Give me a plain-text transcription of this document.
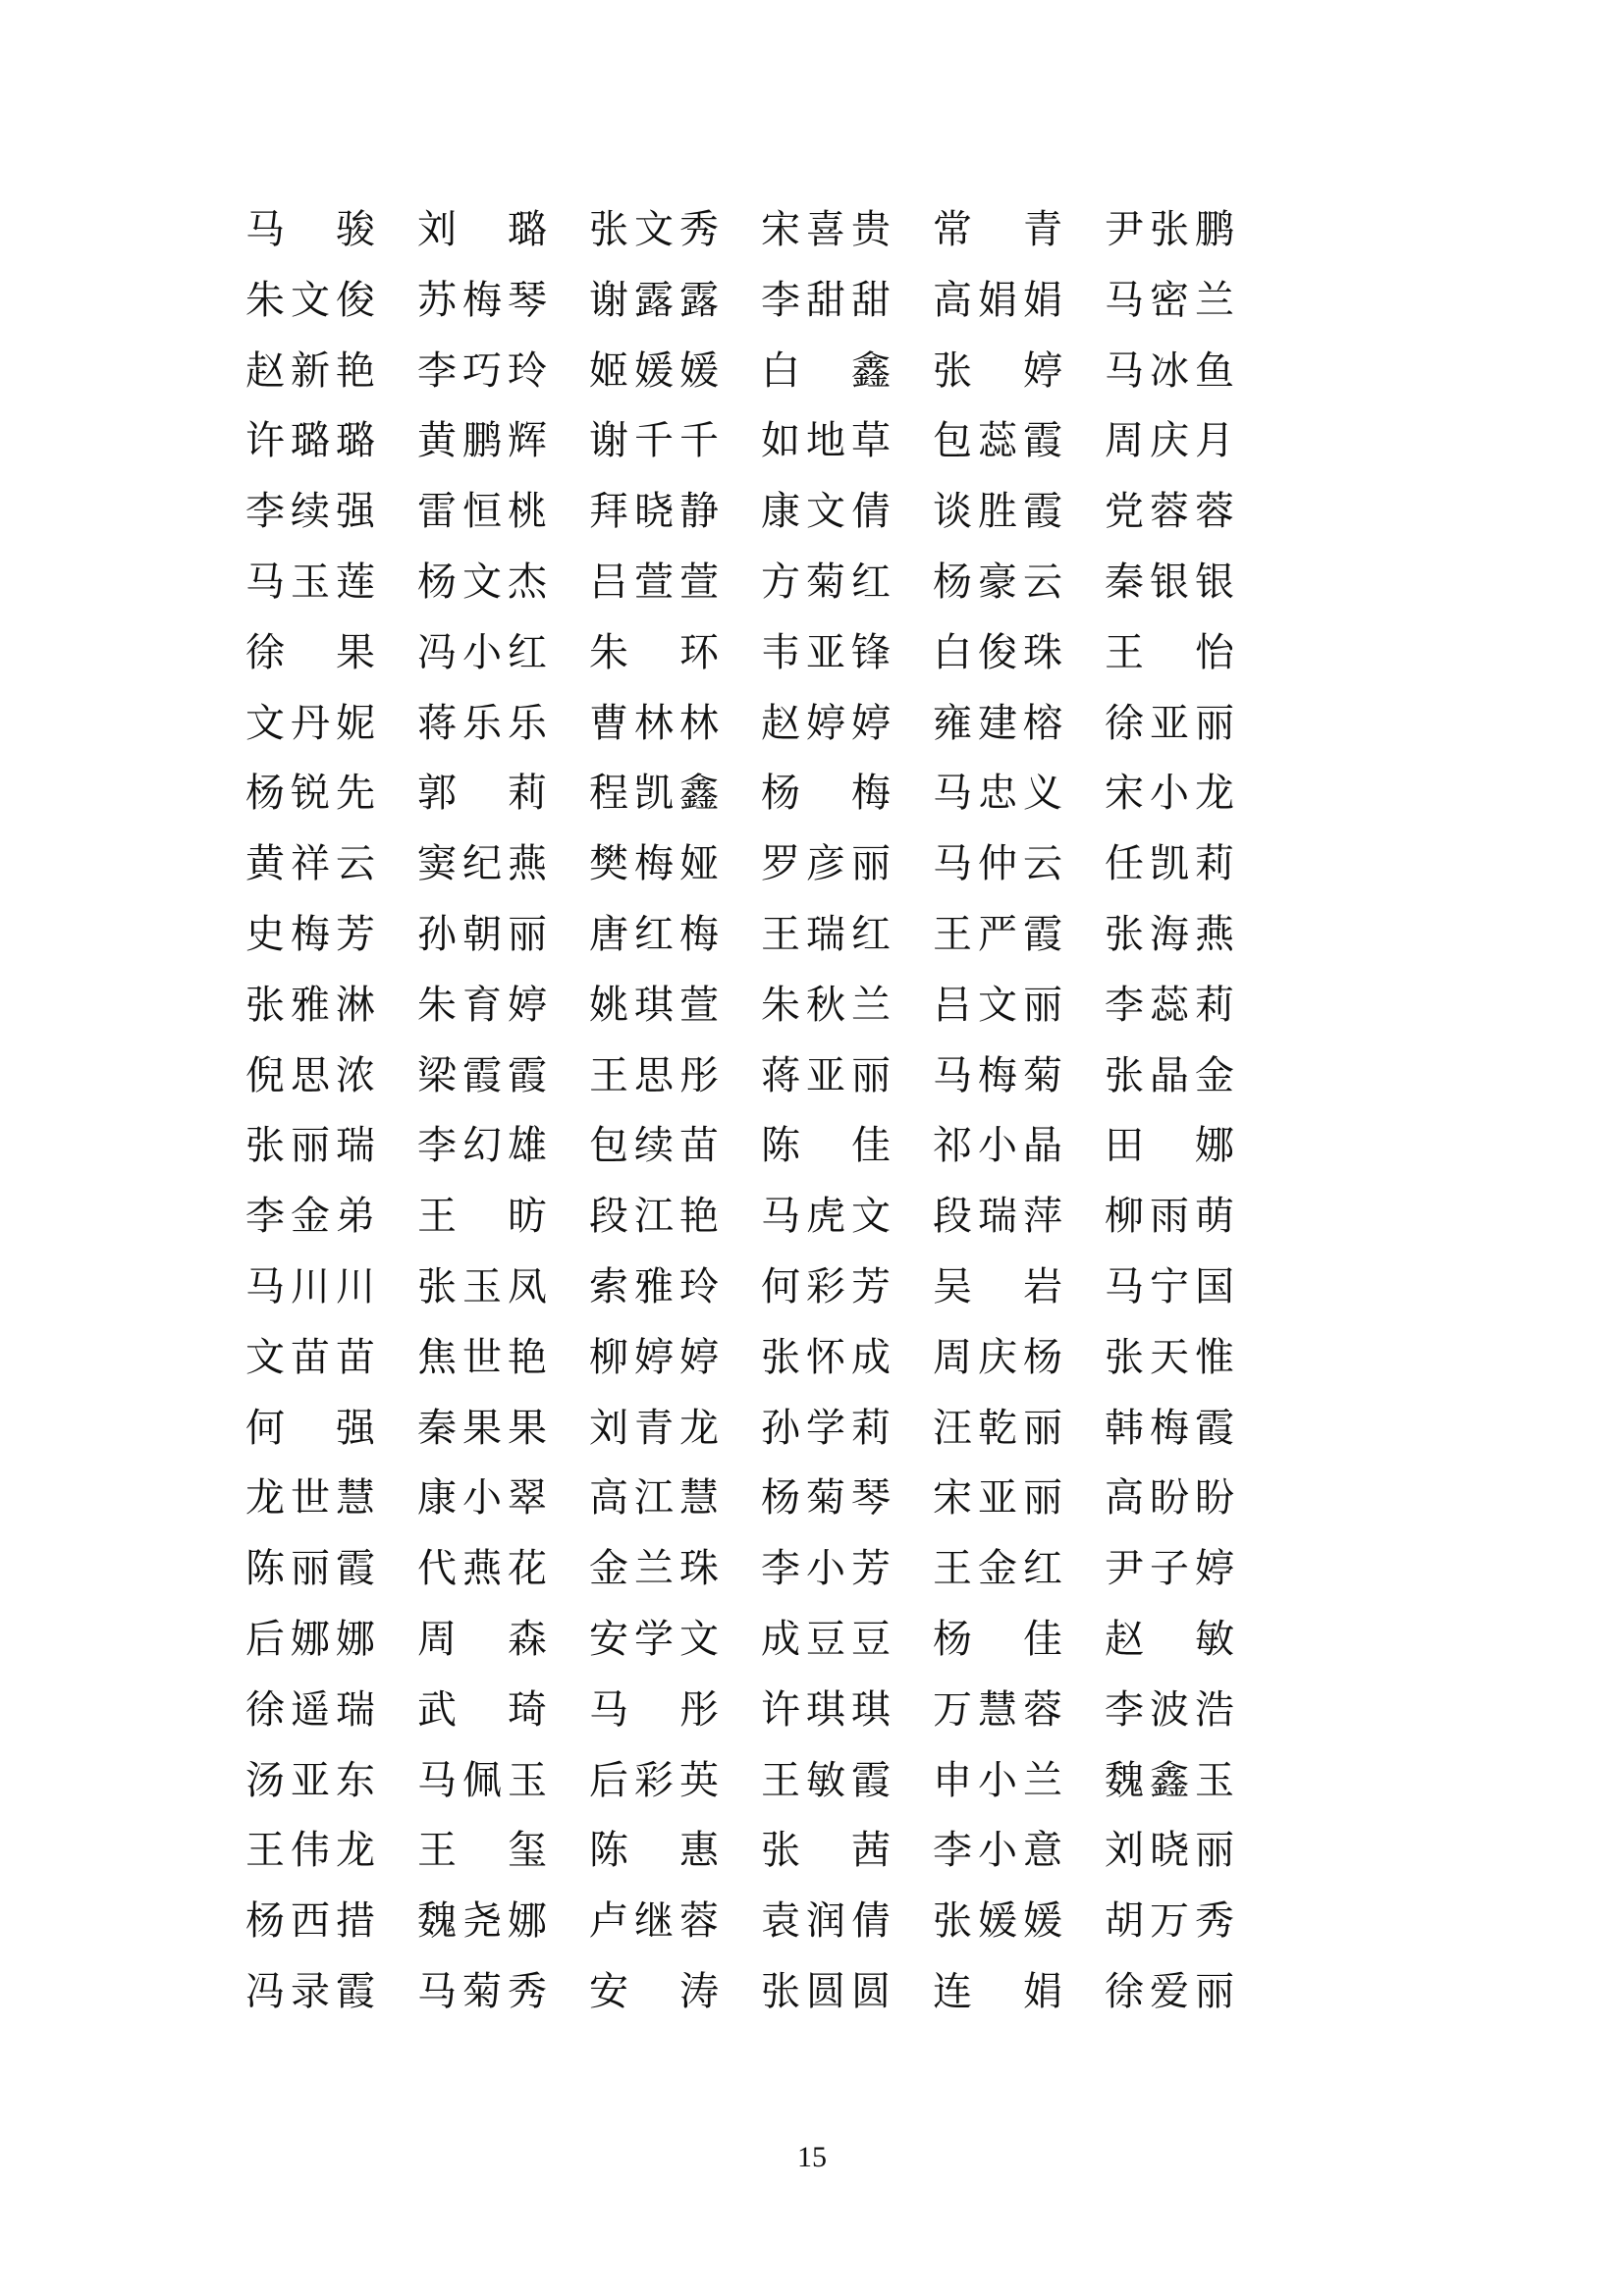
马 骏 刘 璐 张 文 秀 宋 喜 贵 常 青 尹 张 鹏
朱 文 俊 苏 梅 琴 谢 露 露 李 甜 甜 高 娟 娟 马 密 兰
赵 新 艳 李 巧 玲 姬 媛 媛 白 鑫 张 婷 马 冰 鱼
许 璐 璐 黄 鹏 辉 谢 千 千 如 地 草 包 蕊 霞 周 庆 月
李 续 强 雷 恒 桃 拜 晓 静 康 文 倩 谈 胜 霞 党 蓉 蓉
马 玉 莲 杨 文 杰 吕 萱 萱 方 菊 红 杨 豪 云 秦 银 银
徐 果 冯 小 红 朱 环 韦 亚 锋 白 俊 珠 王 怡
文 丹 妮 蒋 乐 乐 曹 林 林 赵 婷 婷 雍 建 榕 徐 亚 丽
杨 锐 先 郭 莉 程 凯 鑫 杨 梅 马 忠 义 宋 小 龙
黄 祥 云 窦 纪 燕 樊 梅 娅 罗 彦 丽 马 仲 云 任 凯 莉
史 梅 芳 孙 朝 丽 唐 红 梅 王 瑞 红 王 严 霞 张 海 燕
张 雅 淋 朱 育 婷 姚 琪 萱 朱 秋 兰 吕 文 丽 李 蕊 莉
倪 思 浓 梁 霞 霞 王 思 彤 蒋 亚 丽 马 梅 菊 张 晶 金
张 丽 瑞 李 幻 雄 包 续 苗 陈 佳 祁 小 晶 田 娜
李 金 弟 王 昉 段 江 艳 马 虎 文 段 瑞 萍 柳 雨 萌
马 川 川 张 玉 凤 索 雅 玲 何 彩 芳 吴 岩 马 宁 国
文 苗 苗 焦 世 艳 柳 婷 婷 张 怀 成 周 庆 杨 张 天 惟
何 强 秦 果 果 刘 青 龙 孙 学 莉 汪 乾 丽 韩 梅 霞
龙 世 慧 康 小 翠 高 江 慧 杨 菊 琴 宋 亚 丽 高 盼 盼
陈 丽 霞 代 燕 花 金 兰 珠 李 小 芳 王 金 红 尹 子 婷
后 娜 娜 周 森 安 学 文 成 豆 豆 杨 佳 赵 敏
徐 遥 瑞 武 琦 马 彤 许 琪 琪 万 慧 蓉 李 波 浩
汤 亚 东 马 佩 玉 后 彩 英 王 敏 霞 申 小 兰 魏 鑫 玉
王 伟 龙 王 玺 陈 惠 张 茜 李 小 意 刘 晓 丽
杨 西 措 魏 尧 娜 卢 继 蓉 袁 润 倩 张 媛 媛 胡 万 秀
冯 录 霞 马 菊 秀 安 涛 张 圆 圆 连 娟 徐 爱 丽
15
